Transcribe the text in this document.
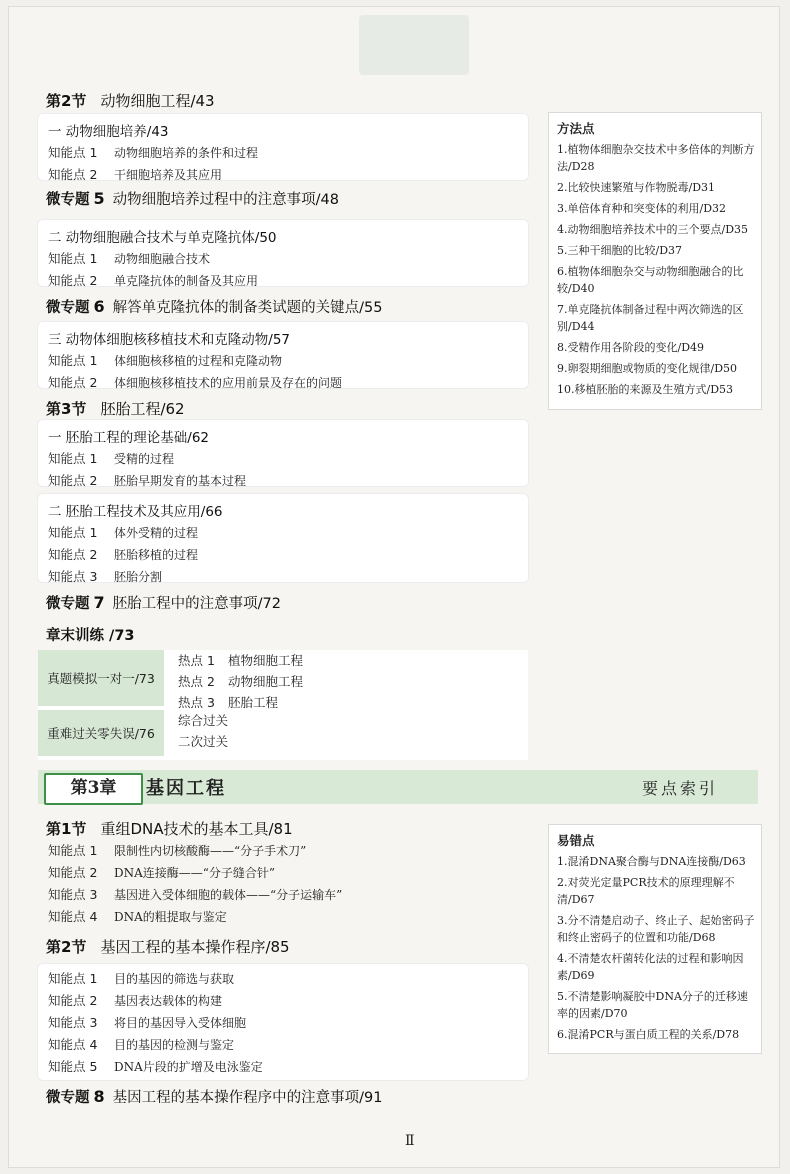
第2节 动物细胞工程/43
一 动物细胞培养/43
知能点 1 动物细胞培养的条件和过程
知能点 2 干细胞培养及其应用
微专题 5 动物细胞培养过程中的注意事项/48
二 动物细胞融合技术与单克隆抗体/50
知能点 1 动物细胞融合技术
知能点 2 单克隆抗体的制备及其应用
微专题 6 解答单克隆抗体的制备类试题的关键点/55
三 动物体细胞核移植技术和克隆动物/57
知能点 1 体细胞核移植的过程和克隆动物
知能点 2 体细胞核移植技术的应用前景及存在的问题
第3节 胚胎工程/62
一 胚胎工程的理论基础/62
知能点 1 受精的过程
知能点 2 胚胎早期发育的基本过程
二 胚胎工程技术及其应用/66
知能点 1 体外受精的过程
知能点 2 胚胎移植的过程
知能点 3 胚胎分割
微专题 7 胚胎工程中的注意事项/72
章末训练 /73
真题模拟一对一/73
热点 1 植物细胞工程
热点 2 动物细胞工程
热点 3 胚胎工程
重难过关零失误/76
综合过关
二次过关
方法点
1.植物体细胞杂交技术中多倍体的判断方法/D28
2.比较快速繁殖与作物脱毒/D31
3.单倍体育种和突变体的利用/D32
4.动物细胞培养技术中的三个要点/D35
5.三种干细胞的比较/D37
6.植物体细胞杂交与动物细胞融合的比较/D40
7.单克隆抗体制备过程中两次筛选的区别/D44
8.受精作用各阶段的变化/D49
9.卵裂期细胞或物质的变化规律/D50
10.移植胚胎的来源及生殖方式/D53
第3章	基因工程	要点索引
第1节 重组DNA技术的基本工具/81
知能点 1 限制性内切核酸酶——“分子手术刀”
知能点 2 DNA连接酶——“分子缝合针”
知能点 3 基因进入受体细胞的载体——“分子运输车”
知能点 4 DNA的粗提取与鉴定
第2节 基因工程的基本操作程序/85
知能点 1 目的基因的筛选与获取
知能点 2 基因表达载体的构建
知能点 3 将目的基因导入受体细胞
知能点 4 目的基因的检测与鉴定
知能点 5 DNA片段的扩增及电泳鉴定
微专题 8 基因工程的基本操作程序中的注意事项/91
易错点
1.混淆DNA聚合酶与DNA连接酶/D63
2.对荧光定量PCR技术的原理理解不清/D67
3.分不清楚启动子、终止子、起始密码子和终止密码子的位置和功能/D68
4.不清楚农杆菌转化法的过程和影响因素/D69
5.不清楚影响凝胶中DNA分子的迁移速率的因素/D70
6.混淆PCR与蛋白质工程的关系/D78
Ⅱ
